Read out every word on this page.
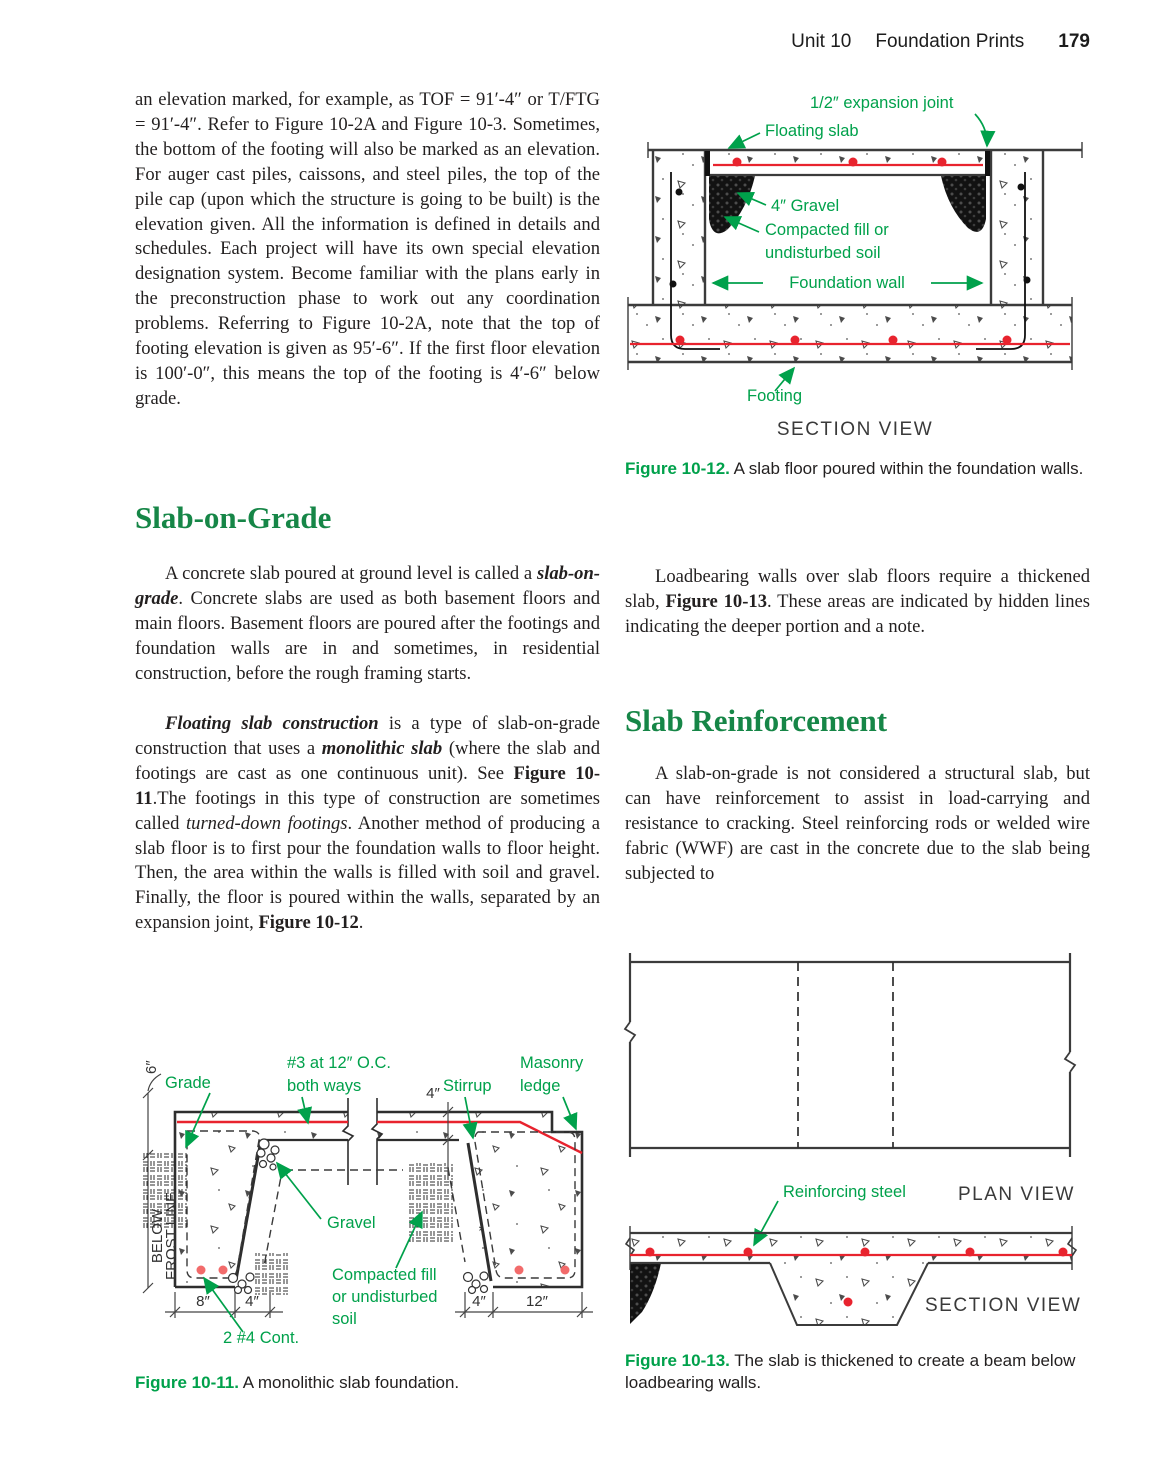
Unit 10 Foundation Prints 179
an elevation marked, for example, as TOF = 91′-4″ or T/FTG = 91′-4″. Refer to Figure 10-2A and Figure 10-3. Sometimes, the bottom of the footing will also be marked as an elevation. For auger cast piles, caissons, and steel piles, the top of the pile cap (upon which the structure is going to be built) is the elevation given. All the information is defined in details and schedules. Each project will have its own special elevation designation system. Become familiar with the plans early in the preconstruction phase to work out any coordination problems. Referring to Figure 10-2A, note that the top of footing elevation is given as 95′-6″. If the first floor elevation is 100′-0″, this means the top of the footing is 4′-6″ below grade.
Slab-on-Grade
A concrete slab poured at ground level is called a slab-on-grade. Concrete slabs are used as both basement floors and main floors. Basement floors are poured after the footings and foundation walls are in and sometimes, in residential construction, before the rough framing starts.
Floating slab construction is a type of slab-on-grade construction that uses a monolithic slab (where the slab and footings are cast as one continuous unit). See Figure 10-11.The footings in this type of construction are sometimes called turned-down footings. Another method of producing a slab floor is to first pour the foundation walls to floor height. Then, the area within the walls is filled with soil and gravel. Finally, the floor is poured within the walls, separated by an expansion joint, Figure 10-12.
6″
BELOW
FROST LINE
8″ 4″	4″	12″
4″
Grade
#3 at 12″ O.C.
both ways	Stirrup
Masonry
ledge
Gravel
Compacted fill
or undisturbed
soil
2 #4 Cont.
Figure 10-11. A monolithic slab foundation.
1/2″ expansion joint
Floating slab
4″ Gravel
Compacted fill or
undisturbed soil
Foundation wall
Footing
SECTION VIEW
Figure 10-12. A slab floor poured within the foundation walls.
Loadbearing walls over slab floors require a thickened slab, Figure 10-13. These areas are indicated by hidden lines indicating the deeper portion and a note.
Slab Reinforcement
A slab-on-grade is not considered a structural slab, but can have reinforcement to assist in load-carrying and resistance to cracking. Steel reinforcing rods or welded wire fabric (WWF) are cast in the concrete due to the slab being subjected to
Reinforcing steel	PLAN VIEW
SECTION VIEW
Figure 10-13. The slab is thickened to create a beam below loadbearing walls.
